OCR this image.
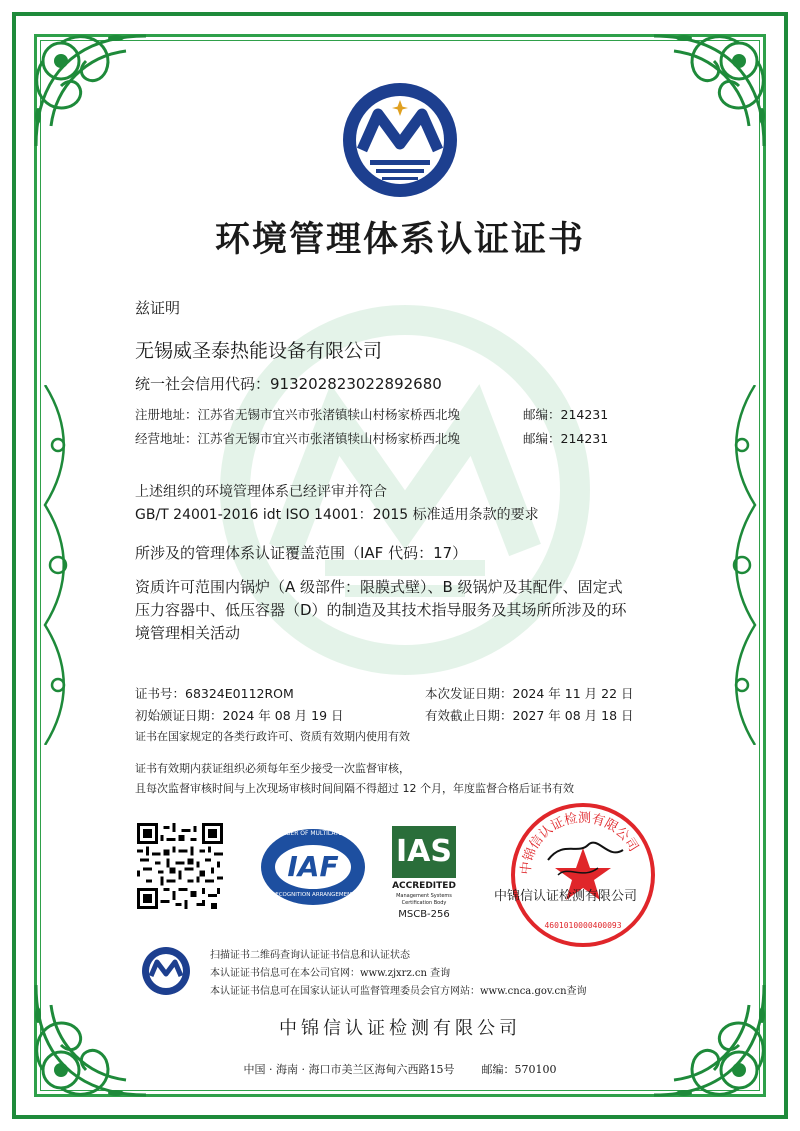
环境管理体系认证证书
兹证明
无锡威圣泰热能设备有限公司
统一社会信用代码：913202823022892680
注册地址：江苏省无锡市宜兴市张渚镇犊山村杨家桥西北堍	邮编：214231
经营地址：江苏省无锡市宜兴市张渚镇犊山村杨家桥西北堍	邮编：214231
上述组织的环境管理体系已经评审并符合
GB/T 24001-2016 idt ISO 14001：2015 标准适用条款的要求
所涉及的管理体系认证覆盖范围（IAF 代码：17）
资质许可范围内锅炉（A 级部件：限膜式壁）、B 级锅炉及其配件、固定式
压力容器中、低压容器（D）的制造及其技术指导服务及其场所所涉及的环
境管理相关活动
证书号：68324E0112ROM	本次发证日期：2024 年 11 月 22 日
初始颁证日期：2024 年 08 月 19 日	有效截止日期：2027 年 08 月 18 日
证书在国家规定的各类行政许可、资质有效期内使用有效
证书有效期内获证组织必须每年至少接受一次监督审核，
且每次监督审核时间与上次现场审核时间间隔不得超过 12 个月，年度监督合格后证书有效
MEMBER OF MULTILATERAL
IAF
RECOGNITION ARRANGEMENT
IAS
ACCREDITED
Management Systems
Certification Body
MSCB-256
中锦信认证检测有限公司
4601010000400093
中锦信认证检测有限公司
扫描证书二维码查询认证证书信息和认证状态
本认证证书信息可在本公司官网：www.zjxrz.cn 查询
本认证证书信息可在国家认证认可监督管理委员会官方网站：www.cnca.gov.cn查询
中锦信认证检测有限公司
中国 · 海南 · 海口市美兰区海甸六西路15号 邮编：570100
